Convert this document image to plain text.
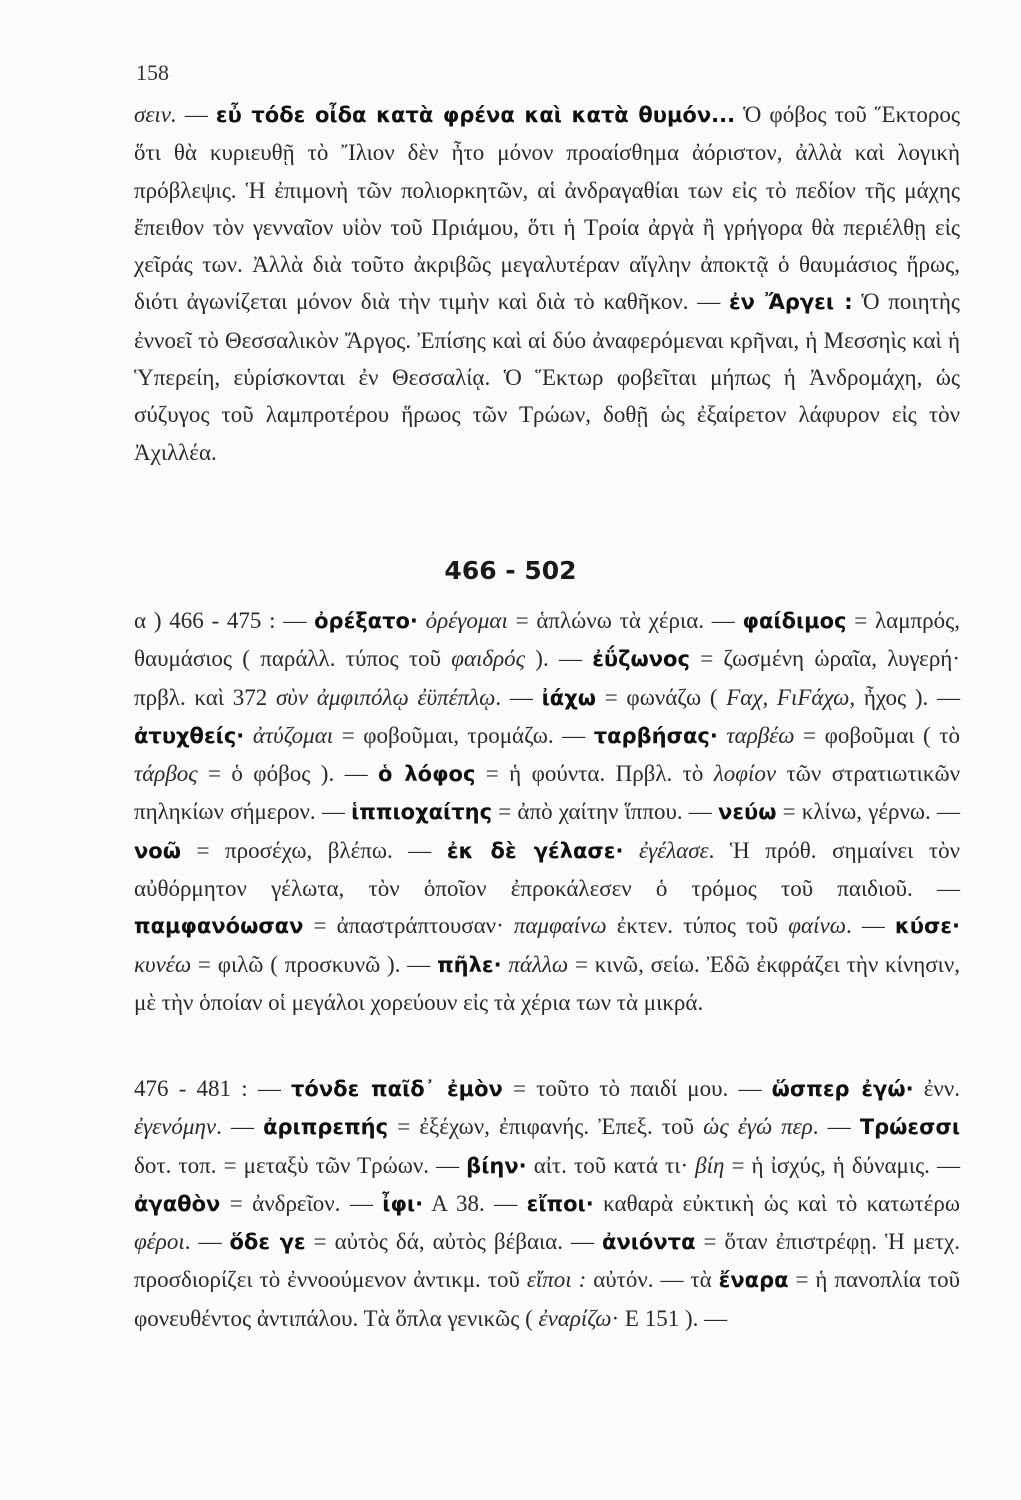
158
σειν. — εὖ τόδε οἶδα κατὰ φρένα καὶ κατὰ θυμόν... Ὁ φόβος τοῦ Ἕκτορος ὅτι θὰ κυριευθῇ τὸ Ἴλιον δὲν ἦτο μόνον προαίσθημα ἀόριστον, ἀλλὰ καὶ λογικὴ πρόβλεψις. Ἡ ἐπιμονὴ τῶν πολιορκητῶν, αἱ ἀνδραγαθίαι των εἰς τὸ πεδίον τῆς μάχης ἔπειθον τὸν γενναῖον υἱὸν τοῦ Πριάμου, ὅτι ἡ Τροία ἀργὰ ἢ γρήγορα θὰ περιέλθῃ εἰς χεῖράς των. Ἀλλὰ διὰ τοῦτο ἀκριβῶς μεγαλυτέραν αἴγλην ἀποκτᾷ ὁ θαυμάσιος ἥρως, διότι ἀγωνίζεται μόνον διὰ τὴν τιμὴν καὶ διὰ τὸ καθῆκον. — ἐν Ἄργει : Ὁ ποιητὴς ἐννοεῖ τὸ Θεσσαλικὸν Ἄργος. Ἐπίσης καὶ αἱ δύο ἀναφερόμεναι κρῆναι, ἡ Μεσσηὶς καὶ ἡ Ὑπερείη, εὑρίσκονται ἐν Θεσσαλίᾳ. Ὁ Ἕκτωρ φοβεῖται μήπως ἡ Ἀνδρομάχη, ὡς σύζυγος τοῦ λαμπροτέρου ἥρωος τῶν Τρώων, δοθῇ ὡς ἐξαίρετον λάφυρον εἰς τὸν Ἀχιλλέα.
466 - 502
α ) 466 - 475 : — ὀρέξατο· ὀρέγομαι = ἁπλώνω τὰ χέρια. — φαίδιμος = λαμπρός, θαυμάσιος ( παράλλ. τύπος τοῦ φαιδρός ). — ἐΰζωνος = ζωσμένη ὡραῖα, λυγερή· πρβλ. καὶ 372 σὺν ἀμφιπόλῳ ἐϋπέπλῳ. — ἰάχω = φωνάζω ( Fαχ, FιFάχω, ἦχος ). — ἀτυχθείς· ἀτύζομαι = φοβοῦμαι, τρομάζω. — ταρβήσας· ταρβέω = φοβοῦμαι ( τὸ τάρβος = ὁ φόβος ). — ὁ λόφος = ἡ φούντα. Πρβλ. τὸ λοφίον τῶν στρατιωτικῶν πηληκίων σήμερον. — ἱππιοχαίτης = ἀπὸ χαίτην ἵππου. — νεύω = κλίνω, γέρνω. — νοῶ = προσέχω, βλέπω. — ἐκ δὲ γέλασε· ἐγέλασε. Ἡ πρόθ. σημαίνει τὸν αὐθόρμητον γέλωτα, τὸν ὁποῖον ἐπροκάλεσεν ὁ τρόμος τοῦ παιδιοῦ. — παμφανόωσαν = ἀπαστράπτουσαν· παμφαίνω ἐκτεν. τύπος τοῦ φαίνω. — κύσε· κυνέω = φιλῶ ( προσκυνῶ ). — πῆλε· πάλλω = κινῶ, σείω. Ἐδῶ ἐκφράζει τὴν κίνησιν, μὲ τὴν ὁποίαν οἱ μεγάλοι χορεύουν εἰς τὰ χέρια των τὰ μικρά.
476 - 481 : — τόνδε παῖδ᾽ ἐμὸν = τοῦτο τὸ παιδί μου. — ὥσπερ ἐγώ· ἐνν. ἐγενόμην. — ἀριπρεπής = ἐξέχων, ἐπιφανής. Ἐπεξ. τοῦ ὡς ἐγώ περ. — Τρώεσσι δοτ. τοπ. = μεταξὺ τῶν Τρώων. — βίην· αἰτ. τοῦ κατά τι· βίη = ἡ ἰσχύς, ἡ δύναμις. — ἀγαθὸν = ἀνδρεῖον. — ἶφι· Α 38. — εἴποι· καθαρὰ εὐκτικὴ ὡς καὶ τὸ κατωτέρω φέροι. — ὅδε γε = αὐτὸς δά, αὐτὸς βέβαια. — ἀνιόντα = ὅταν ἐπιστρέφῃ. Ἡ μετχ. προσδιορίζει τὸ ἐννοούμενον ἀντικμ. τοῦ εἴποι : αὐτόν. — τὰ ἔναρα = ἡ πανοπλία τοῦ φονευθέντος ἀντιπάλου. Τὰ ὅπλα γενικῶς ( ἐναρίζω· Ε 151 ). —
